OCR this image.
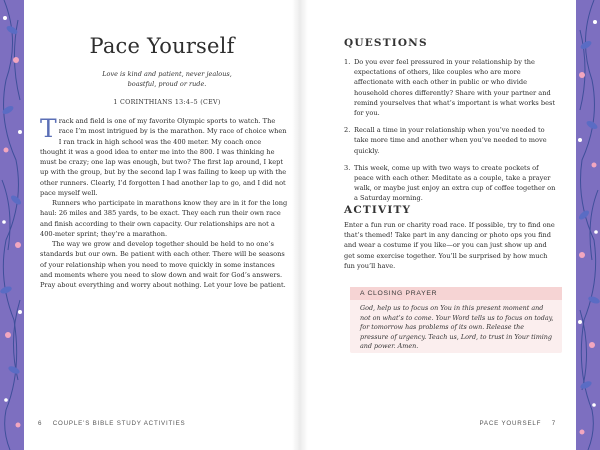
Pace Yourself
Love is kind and patient, never jealous,
boastful, proud or rude.
1 CORINTHIANS 13:4–5 (CEV)

T rack and field is one of my favorite Olympic sports to watch. The race I’m most intrigued by is the marathon. My race of choice when I ran track in high school was the 400 meter. My coach once thought it was a good idea to enter me into the 800. I was thinking he must be crazy; one lap was enough, but two? The first lap around, I kept up with the group, but by the second lap I was failing to keep up with the other runners. Clearly, I’d forgotten I had another lap to go, and I did not pace myself well.

Runners who participate in marathons know they are in it for the long haul: 26 miles and 385 yards, to be exact. They each run their own race and finish according to their own capacity. Our relationships are not a 400-meter sprint; they’re a marathon.

The way we grow and develop together should be held to no one’s standards but our own. Be patient with each other. There will be seasons of your relationship when you need to move quickly in some instances and moments where you need to slow down and wait for God’s answers. Pray about everything and worry about nothing. Let your love be patient.

6 COUPLE’S BIBLE STUDY ACTIVITIES
QUESTIONS
1. Do you ever feel pressured in your relationship by the expectations of others, like couples who are more affectionate with each other in public or who divide household chores differently? Share with your partner and remind yourselves that what’s important is what works best for you.
2. Recall a time in your relationship when you’ve needed to take more time and another when you’ve needed to move quickly.
3. This week, come up with two ways to create pockets of peace with each other. Meditate as a couple, take a prayer walk, or maybe just enjoy an extra cup of coffee together on a Saturday morning.
ACTIVITY
Enter a fun run or charity road race. If possible, try to find one that’s themed! Take part in any dancing or photo ops you find and wear a costume if you like—or you can just show up and get some exercise together. You’ll be surprised by how much fun you’ll have.
A CLOSING PRAYER
God, help us to focus on You in this present moment and not on what’s to come. Your Word tells us to focus on today, for tomorrow has problems of its own. Release the pressure of urgency. Teach us, Lord, to trust in Your timing and power. Amen.
PACE YOURSELF 7
